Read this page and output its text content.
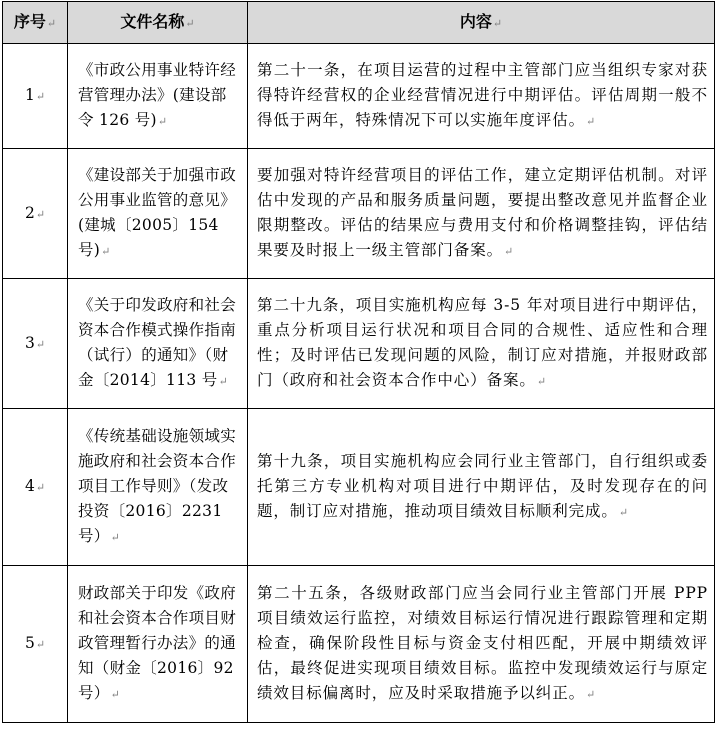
序号↵	文件名称↵	内容↵
1↵	《市政公用事业特许经营管理办法》(建设部令 126 号)↵	第二十一条，在项目运营的过程中主管部门应当组织专家对获得特许经营权的企业经营情况进行中期评估。评估周期一般不得低于两年，特殊情况下可以实施年度评估。↵
2↵	《建设部关于加强市政公用事业监管的意见》(建城〔2005〕154 号)↵	要加强对特许经营项目的评估工作，建立定期评估机制。对评估中发现的产品和服务质量问题，要提出整改意见并监督企业限期整改。评估的结果应与费用支付和价格调整挂钩，评估结果要及时报上一级主管部门备案。↵
3↵	《关于印发政府和社会资本合作模式操作指南（试行）的通知》（财金〔2014〕113 号↵	第二十九条，项目实施机构应每 3-5 年对项目进行中期评估，重点分析项目运行状况和项目合同的合规性、适应性和合理性；及时评估已发现问题的风险，制订应对措施，并报财政部门（政府和社会资本合作中心）备案。↵
4↵	《传统基础设施领域实施政府和社会资本合作项目工作导则》（发改投资〔2016〕2231 号）↵	第十九条，项目实施机构应会同行业主管部门，自行组织或委托第三方专业机构对项目进行中期评估，及时发现存在的问题，制订应对措施，推动项目绩效目标顺利完成。↵
5↵	财政部关于印发《政府和社会资本合作项目财政管理暂行办法》的通知（财金〔2016〕92 号）↵	第二十五条，各级财政部门应当会同行业主管部门开展 PPP 项目绩效运行监控，对绩效目标运行情况进行跟踪管理和定期检查，确保阶段性目标与资金支付相匹配，开展中期绩效评估，最终促进实现项目绩效目标。监控中发现绩效运行与原定绩效目标偏离时，应及时采取措施予以纠正。↵
